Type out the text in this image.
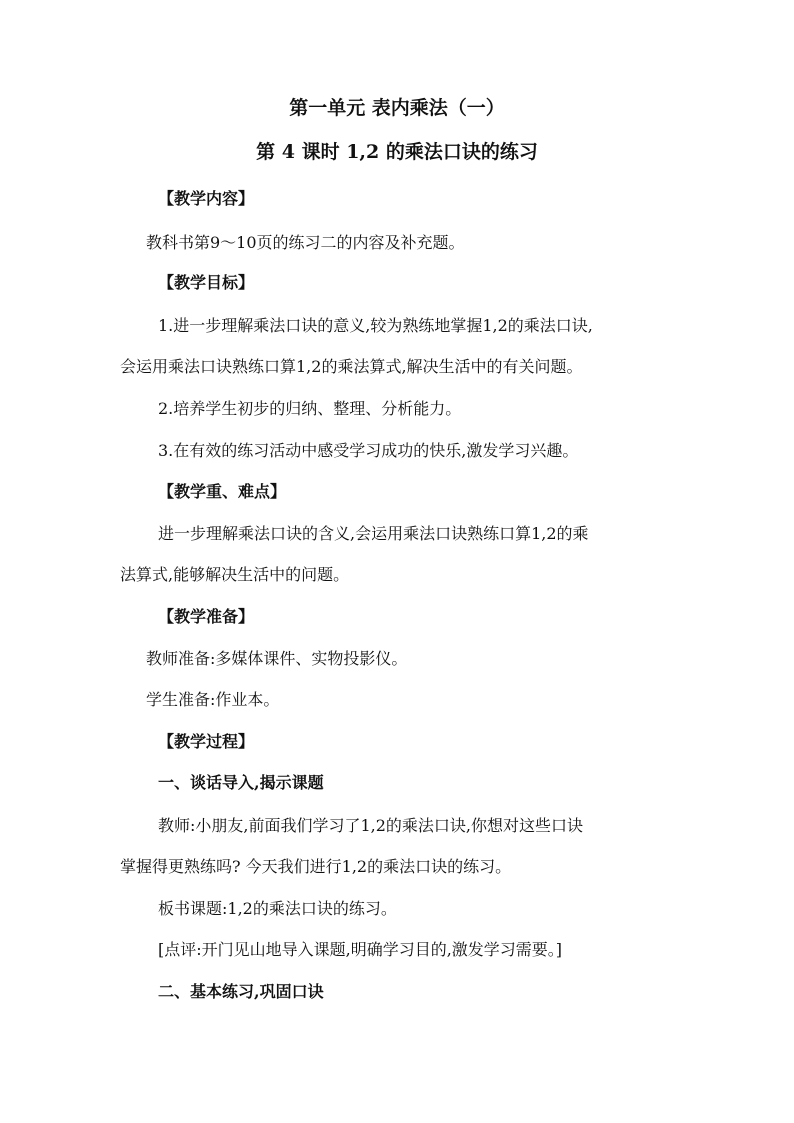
第一单元 表内乘法（一）
第 4 课时 1,2 的乘法口诀的练习
【教学内容】
教科书第9～10页的练习二的内容及补充题。
【教学目标】
1.进一步理解乘法口诀的意义,较为熟练地掌握1,2的乘法口诀,
会运用乘法口诀熟练口算1,2的乘法算式,解决生活中的有关问题。
2.培养学生初步的归纳、整理、分析能力。
3.在有效的练习活动中感受学习成功的快乐,激发学习兴趣。
【教学重、难点】
进一步理解乘法口诀的含义,会运用乘法口诀熟练口算1,2的乘
法算式,能够解决生活中的问题。
【教学准备】
教师准备:多媒体课件、实物投影仪。
学生准备:作业本。
【教学过程】
一、谈话导入,揭示课题
教师:小朋友,前面我们学习了1,2的乘法口诀,你想对这些口诀
掌握得更熟练吗? 今天我们进行1,2的乘法口诀的练习。
板书课题:1,2的乘法口诀的练习。
[点评:开门见山地导入课题,明确学习目的,激发学习需要。]
二、基本练习,巩固口诀
